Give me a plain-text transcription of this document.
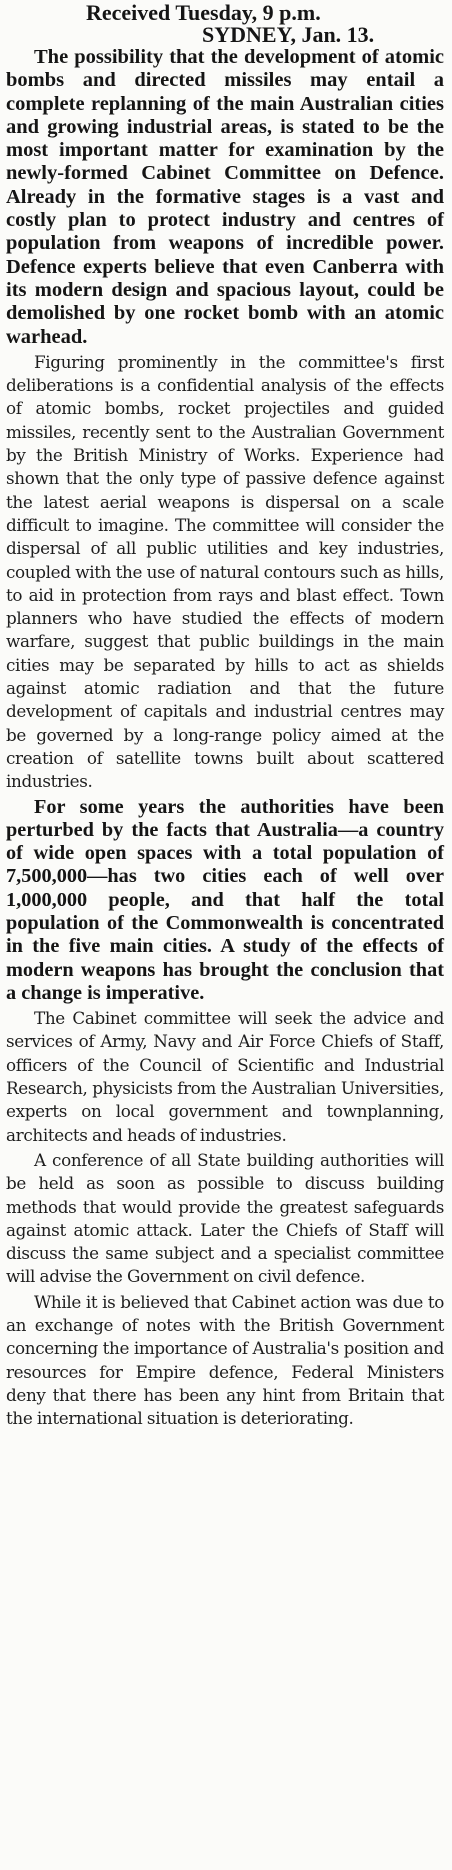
Received Tuesday, 9 p.m.
SYDNEY, Jan. 13.

The possibility that the development of atomic bombs and directed missiles may entail a complete replanning of the main Australian cities and growing industrial areas, is stated to be the most important matter for examination by the newly-formed Cabinet Committee on Defence. Already in the formative stages is a vast and costly plan to protect industry and centres of population from weapons of incredible power. Defence experts believe that even Canberra with its modern design and spacious layout, could be demolished by one rocket bomb with an atomic warhead.

Figuring prominently in the committee's first deliberations is a confidential analysis of the effects of atomic bombs, rocket projectiles and guided missiles, recently sent to the Australian Government by the British Ministry of Works. Experience had shown that the only type of passive defence against the latest aerial weapons is dispersal on a scale difficult to imagine. The committee will consider the dispersal of all public utilities and key industries, coupled with the use of natural contours such as hills, to aid in protection from rays and blast effect. Town planners who have studied the effects of modern warfare, suggest that public buildings in the main cities may be separated by hills to act as shields against atomic radiation and that the future development of capitals and industrial centres may be governed by a long-range policy aimed at the creation of satellite towns built about scattered industries.

For some years the authorities have been perturbed by the facts that Australia—a country of wide open spaces with a total population of 7,500,000—has two cities each of well over 1,000,000 people, and that half the total population of the Commonwealth is concentrated in the five main cities. A study of the effects of modern weapons has brought the conclusion that a change is imperative.

The Cabinet committee will seek the advice and services of Army, Navy and Air Force Chiefs of Staff, officers of the Council of Scientific and Industrial Research, physicists from the Australian Universities, experts on local government and townplanning, architects and heads of industries.

A conference of all State building authorities will be held as soon as possible to discuss building methods that would provide the greatest safeguards against atomic attack. Later the Chiefs of Staff will discuss the same subject and a specialist committee will advise the Government on civil defence.

While it is believed that Cabinet action was due to an exchange of notes with the British Government concerning the importance of Australia's position and resources for Empire defence, Federal Ministers deny that there has been any hint from Britain that the international situation is deteriorating.
